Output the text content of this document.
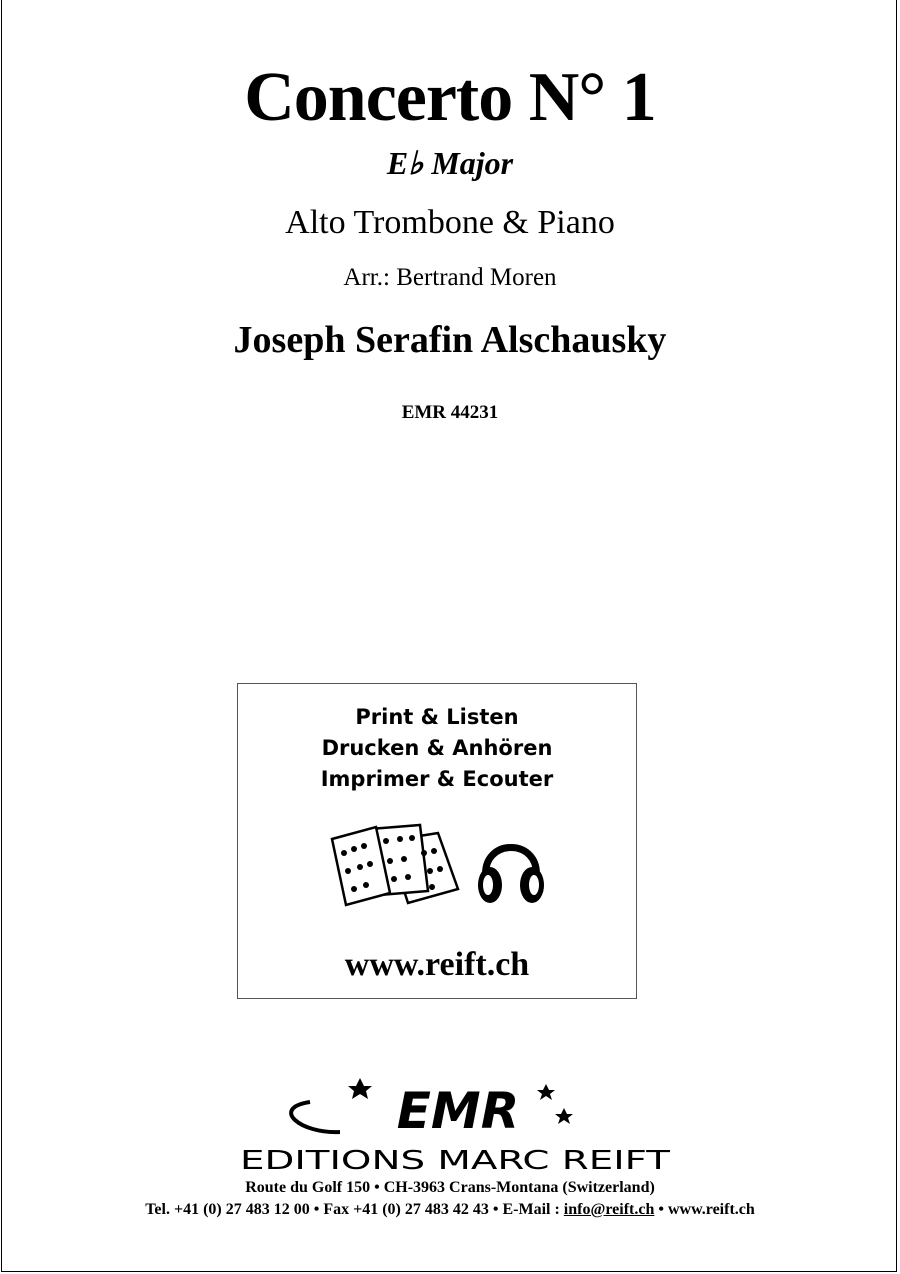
Concerto N° 1
E♭ Major
Alto Trombone & Piano
Arr.: Bertrand Moren
Joseph Serafin Alschausky
EMR 44231
Print & Listen
Drucken & Anhören
Imprimer & Ecouter
www.reift.ch
EMR
EDITIONS MARC REIFT
Route du Golf 150 • CH-3963 Crans-Montana (Switzerland)
Tel. +41 (0) 27 483 12 00 • Fax +41 (0) 27 483 42 43 • E-Mail : info@reift.ch • www.reift.ch
